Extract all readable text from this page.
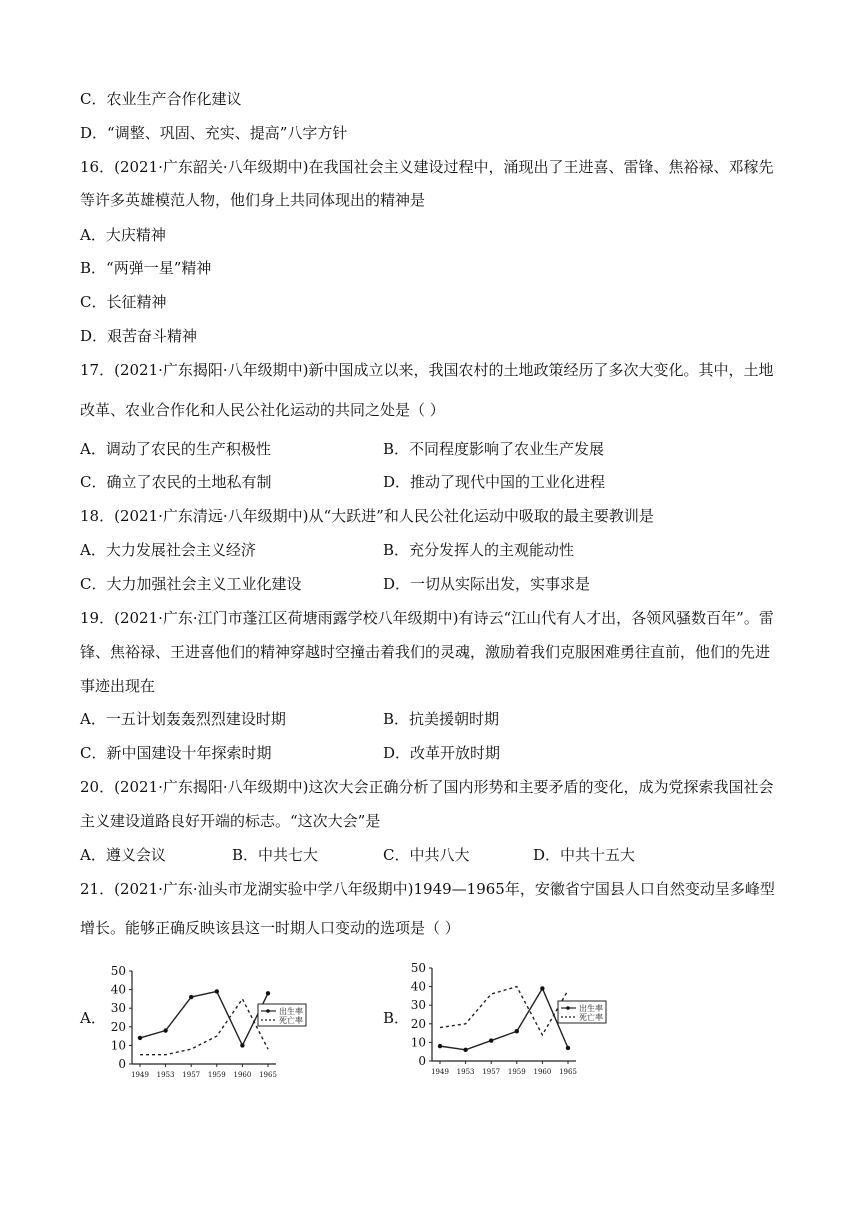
C．农业生产合作化建议
D．“调整、巩固、充实、提高”八字方针
16．(2021·广东韶关·八年级期中)在我国社会主义建设过程中，涌现出了王进喜、雷锋、焦裕禄、邓稼先
等许多英雄模范人物，他们身上共同体现出的精神是
A．大庆精神
B．“两弹一星”精神
C．长征精神
D．艰苦奋斗精神
17．(2021·广东揭阳·八年级期中)新中国成立以来，我国农村的土地政策经历了多次大变化。其中，土地
改革、农业合作化和人民公社化运动的共同之处是（ ）
A．调动了农民的生产积极性	B．不同程度影响了农业生产发展
C．确立了农民的土地私有制	D．推动了现代中国的工业化进程
18．(2021·广东清远·八年级期中)从“大跃进”和人民公社化运动中吸取的最主要教训是
A．大力发展社会主义经济	B．充分发挥人的主观能动性
C．大力加强社会主义工业化建设	D．一切从实际出发，实事求是
19．(2021·广东·江门市蓬江区荷塘雨露学校八年级期中)有诗云“江山代有人才出，各领风骚数百年”。雷
锋、焦裕禄、王进喜他们的精神穿越时空撞击着我们的灵魂，激励着我们克服困难勇往直前，他们的先进
事迹出现在
A．一五计划轰轰烈烈建设时期	B．抗美援朝时期
C．新中国建设十年探索时期	D．改革开放时期
20．(2021·广东揭阳·八年级期中)这次大会正确分析了国内形势和主要矛盾的变化，成为党探索我国社会
主义建设道路良好开端的标志。“这次大会”是
A．遵义会议	B．中共七大	C．中共八大	D．中共十五大
21．(2021·广东·汕头市龙湖实验中学八年级期中)1949—1965年，安徽省宁国县人口自然变动呈多峰型
增长。能够正确反映该县这一时期人口变动的选项是（ ）
A．	B．
50
40
30
20
10
0
1949 1953 1957 1959 1960 1965
出生率
死亡率
50
40
30
20
10
0
1949 1953 1957 1959 1960 1965
出生率
死亡率
